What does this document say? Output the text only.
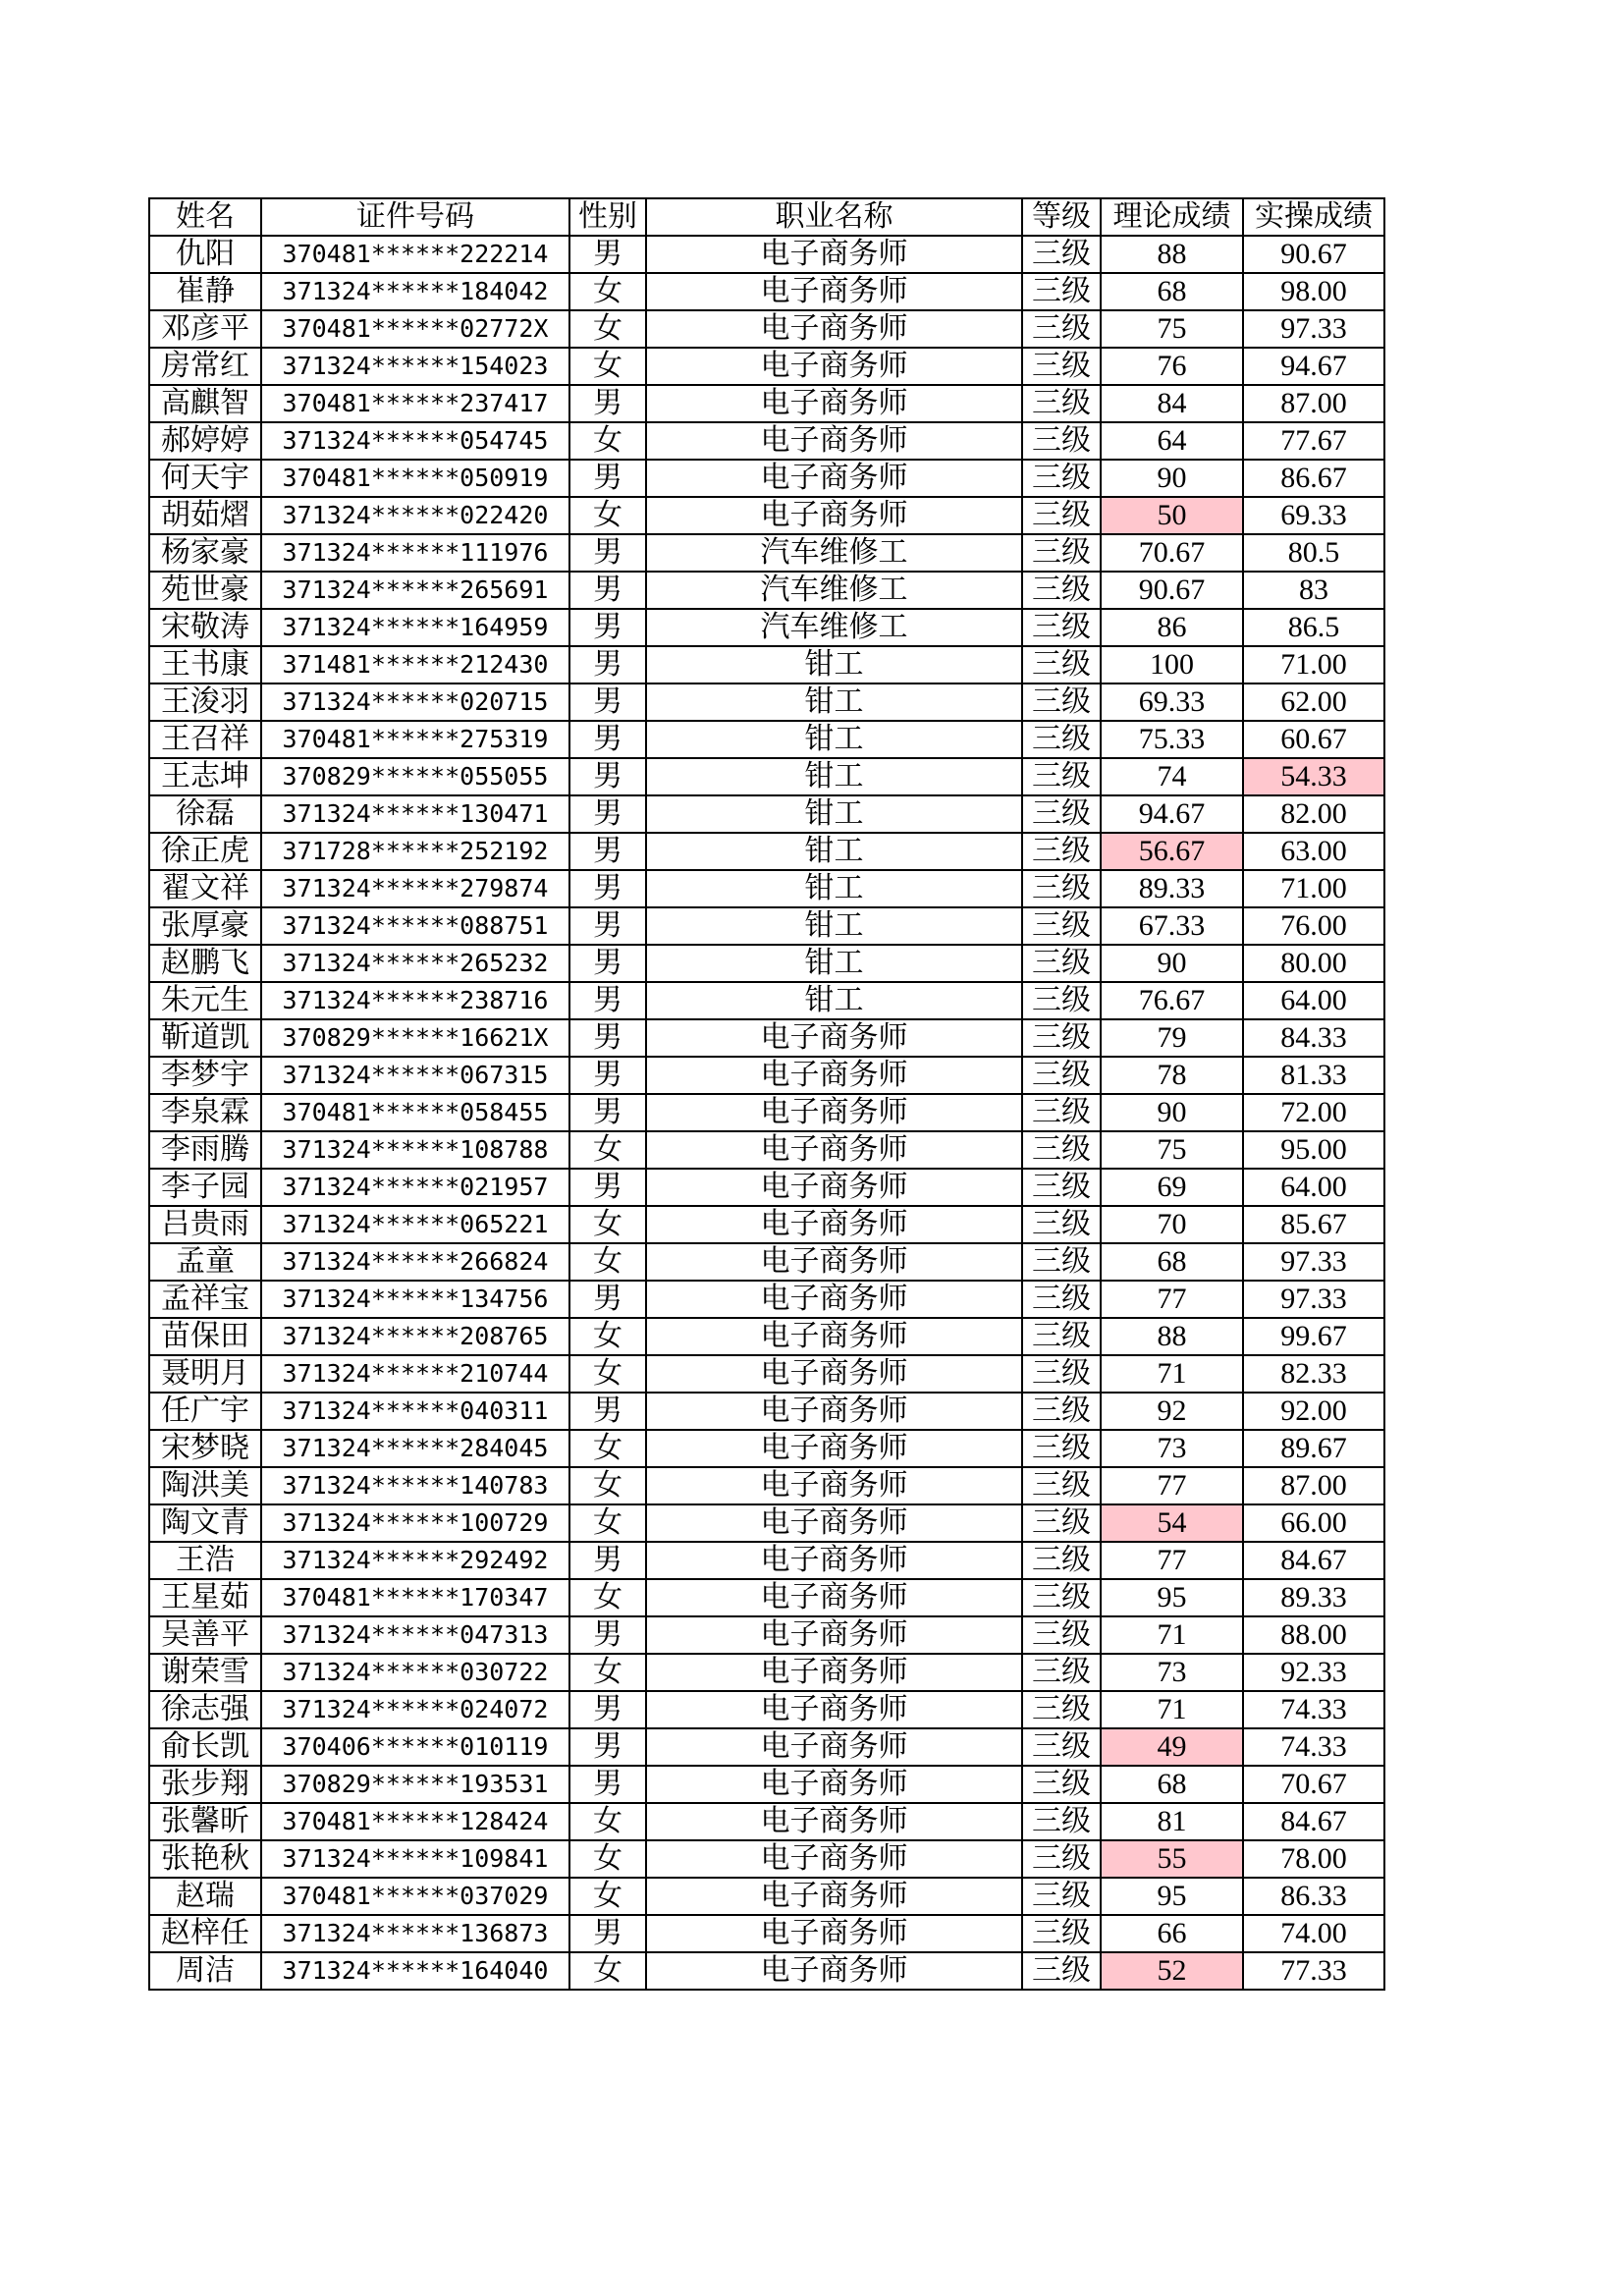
姓名	证件号码	性别	职业名称	等级	理论成绩	实操成绩
仇阳	370481******222214	男	电子商务师	三级	88	90.67
崔静	371324******184042	女	电子商务师	三级	68	98.00
邓彦平	370481******02772X	女	电子商务师	三级	75	97.33
房常红	371324******154023	女	电子商务师	三级	76	94.67
高麒智	370481******237417	男	电子商务师	三级	84	87.00
郝婷婷	371324******054745	女	电子商务师	三级	64	77.67
何天宇	370481******050919	男	电子商务师	三级	90	86.67
胡茹熠	371324******022420	女	电子商务师	三级	50	69.33
杨家豪	371324******111976	男	汽车维修工	三级	70.67	80.5
苑世豪	371324******265691	男	汽车维修工	三级	90.67	83
宋敬涛	371324******164959	男	汽车维修工	三级	86	86.5
王书康	371481******212430	男	钳工	三级	100	71.00
王浚羽	371324******020715	男	钳工	三级	69.33	62.00
王召祥	370481******275319	男	钳工	三级	75.33	60.67
王志坤	370829******055055	男	钳工	三级	74	54.33
徐磊	371324******130471	男	钳工	三级	94.67	82.00
徐正虎	371728******252192	男	钳工	三级	56.67	63.00
翟文祥	371324******279874	男	钳工	三级	89.33	71.00
张厚豪	371324******088751	男	钳工	三级	67.33	76.00
赵鹏飞	371324******265232	男	钳工	三级	90	80.00
朱元生	371324******238716	男	钳工	三级	76.67	64.00
靳道凯	370829******16621X	男	电子商务师	三级	79	84.33
李梦宇	371324******067315	男	电子商务师	三级	78	81.33
李泉霖	370481******058455	男	电子商务师	三级	90	72.00
李雨腾	371324******108788	女	电子商务师	三级	75	95.00
李子园	371324******021957	男	电子商务师	三级	69	64.00
吕贵雨	371324******065221	女	电子商务师	三级	70	85.67
孟童	371324******266824	女	电子商务师	三级	68	97.33
孟祥宝	371324******134756	男	电子商务师	三级	77	97.33
苗保田	371324******208765	女	电子商务师	三级	88	99.67
聂明月	371324******210744	女	电子商务师	三级	71	82.33
任广宇	371324******040311	男	电子商务师	三级	92	92.00
宋梦晓	371324******284045	女	电子商务师	三级	73	89.67
陶洪美	371324******140783	女	电子商务师	三级	77	87.00
陶文青	371324******100729	女	电子商务师	三级	54	66.00
王浩	371324******292492	男	电子商务师	三级	77	84.67
王星茹	370481******170347	女	电子商务师	三级	95	89.33
吴善平	371324******047313	男	电子商务师	三级	71	88.00
谢荣雪	371324******030722	女	电子商务师	三级	73	92.33
徐志强	371324******024072	男	电子商务师	三级	71	74.33
俞长凯	370406******010119	男	电子商务师	三级	49	74.33
张步翔	370829******193531	男	电子商务师	三级	68	70.67
张馨昕	370481******128424	女	电子商务师	三级	81	84.67
张艳秋	371324******109841	女	电子商务师	三级	55	78.00
赵瑞	370481******037029	女	电子商务师	三级	95	86.33
赵梓任	371324******136873	男	电子商务师	三级	66	74.00
周洁	371324******164040	女	电子商务师	三级	52	77.33
